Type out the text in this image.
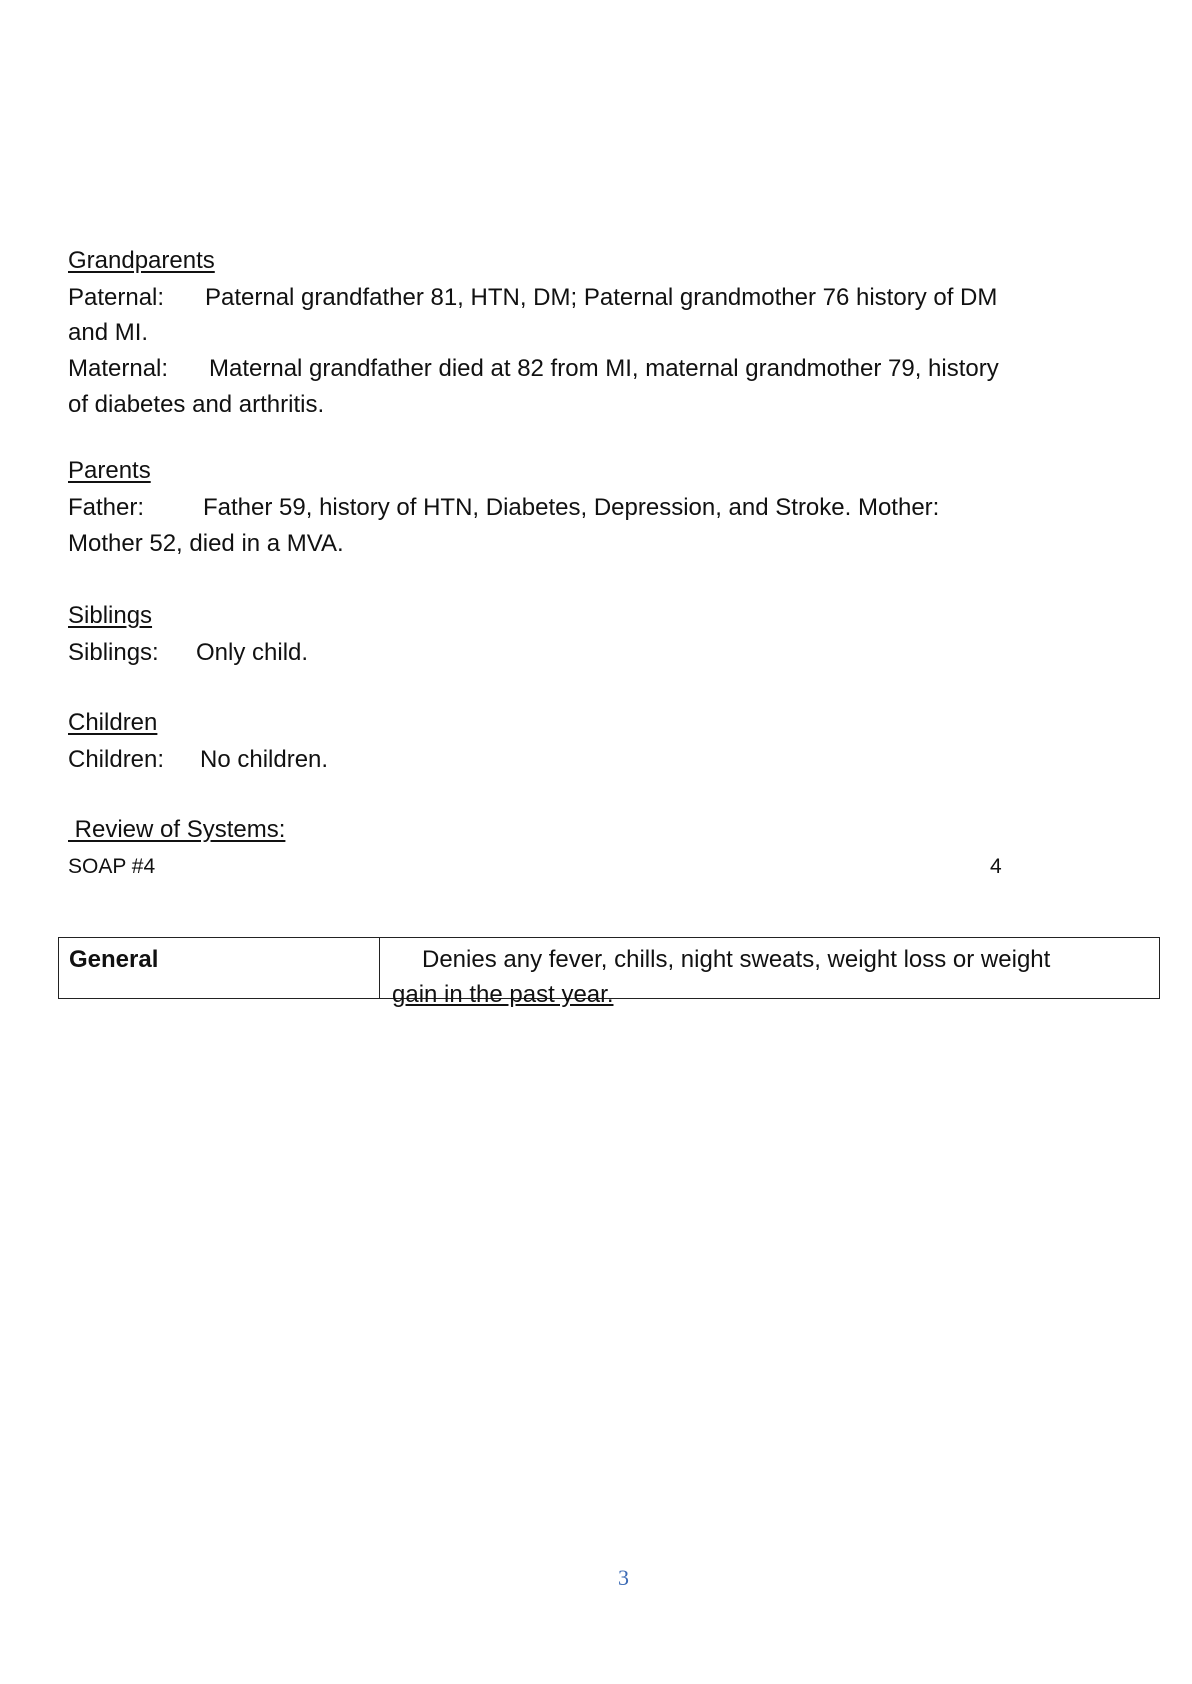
Grandparents
Paternal: Paternal grandfather 81, HTN, DM; Paternal grandmother 76 history of DM
and MI.
Maternal: Maternal grandfather died at 82 from MI, maternal grandmother 79, history
of diabetes and arthritis.
Parents
Father: Father 59, history of HTN, Diabetes, Depression, and Stroke. Mother:
Mother 52, died in a MVA.
Siblings
Siblings: Only child.
Children
Children: No children.
Review of Systems:
SOAP #4	4
General	Denies any fever, chills, night sweats, weight loss or weight
gain in the past year.
3
